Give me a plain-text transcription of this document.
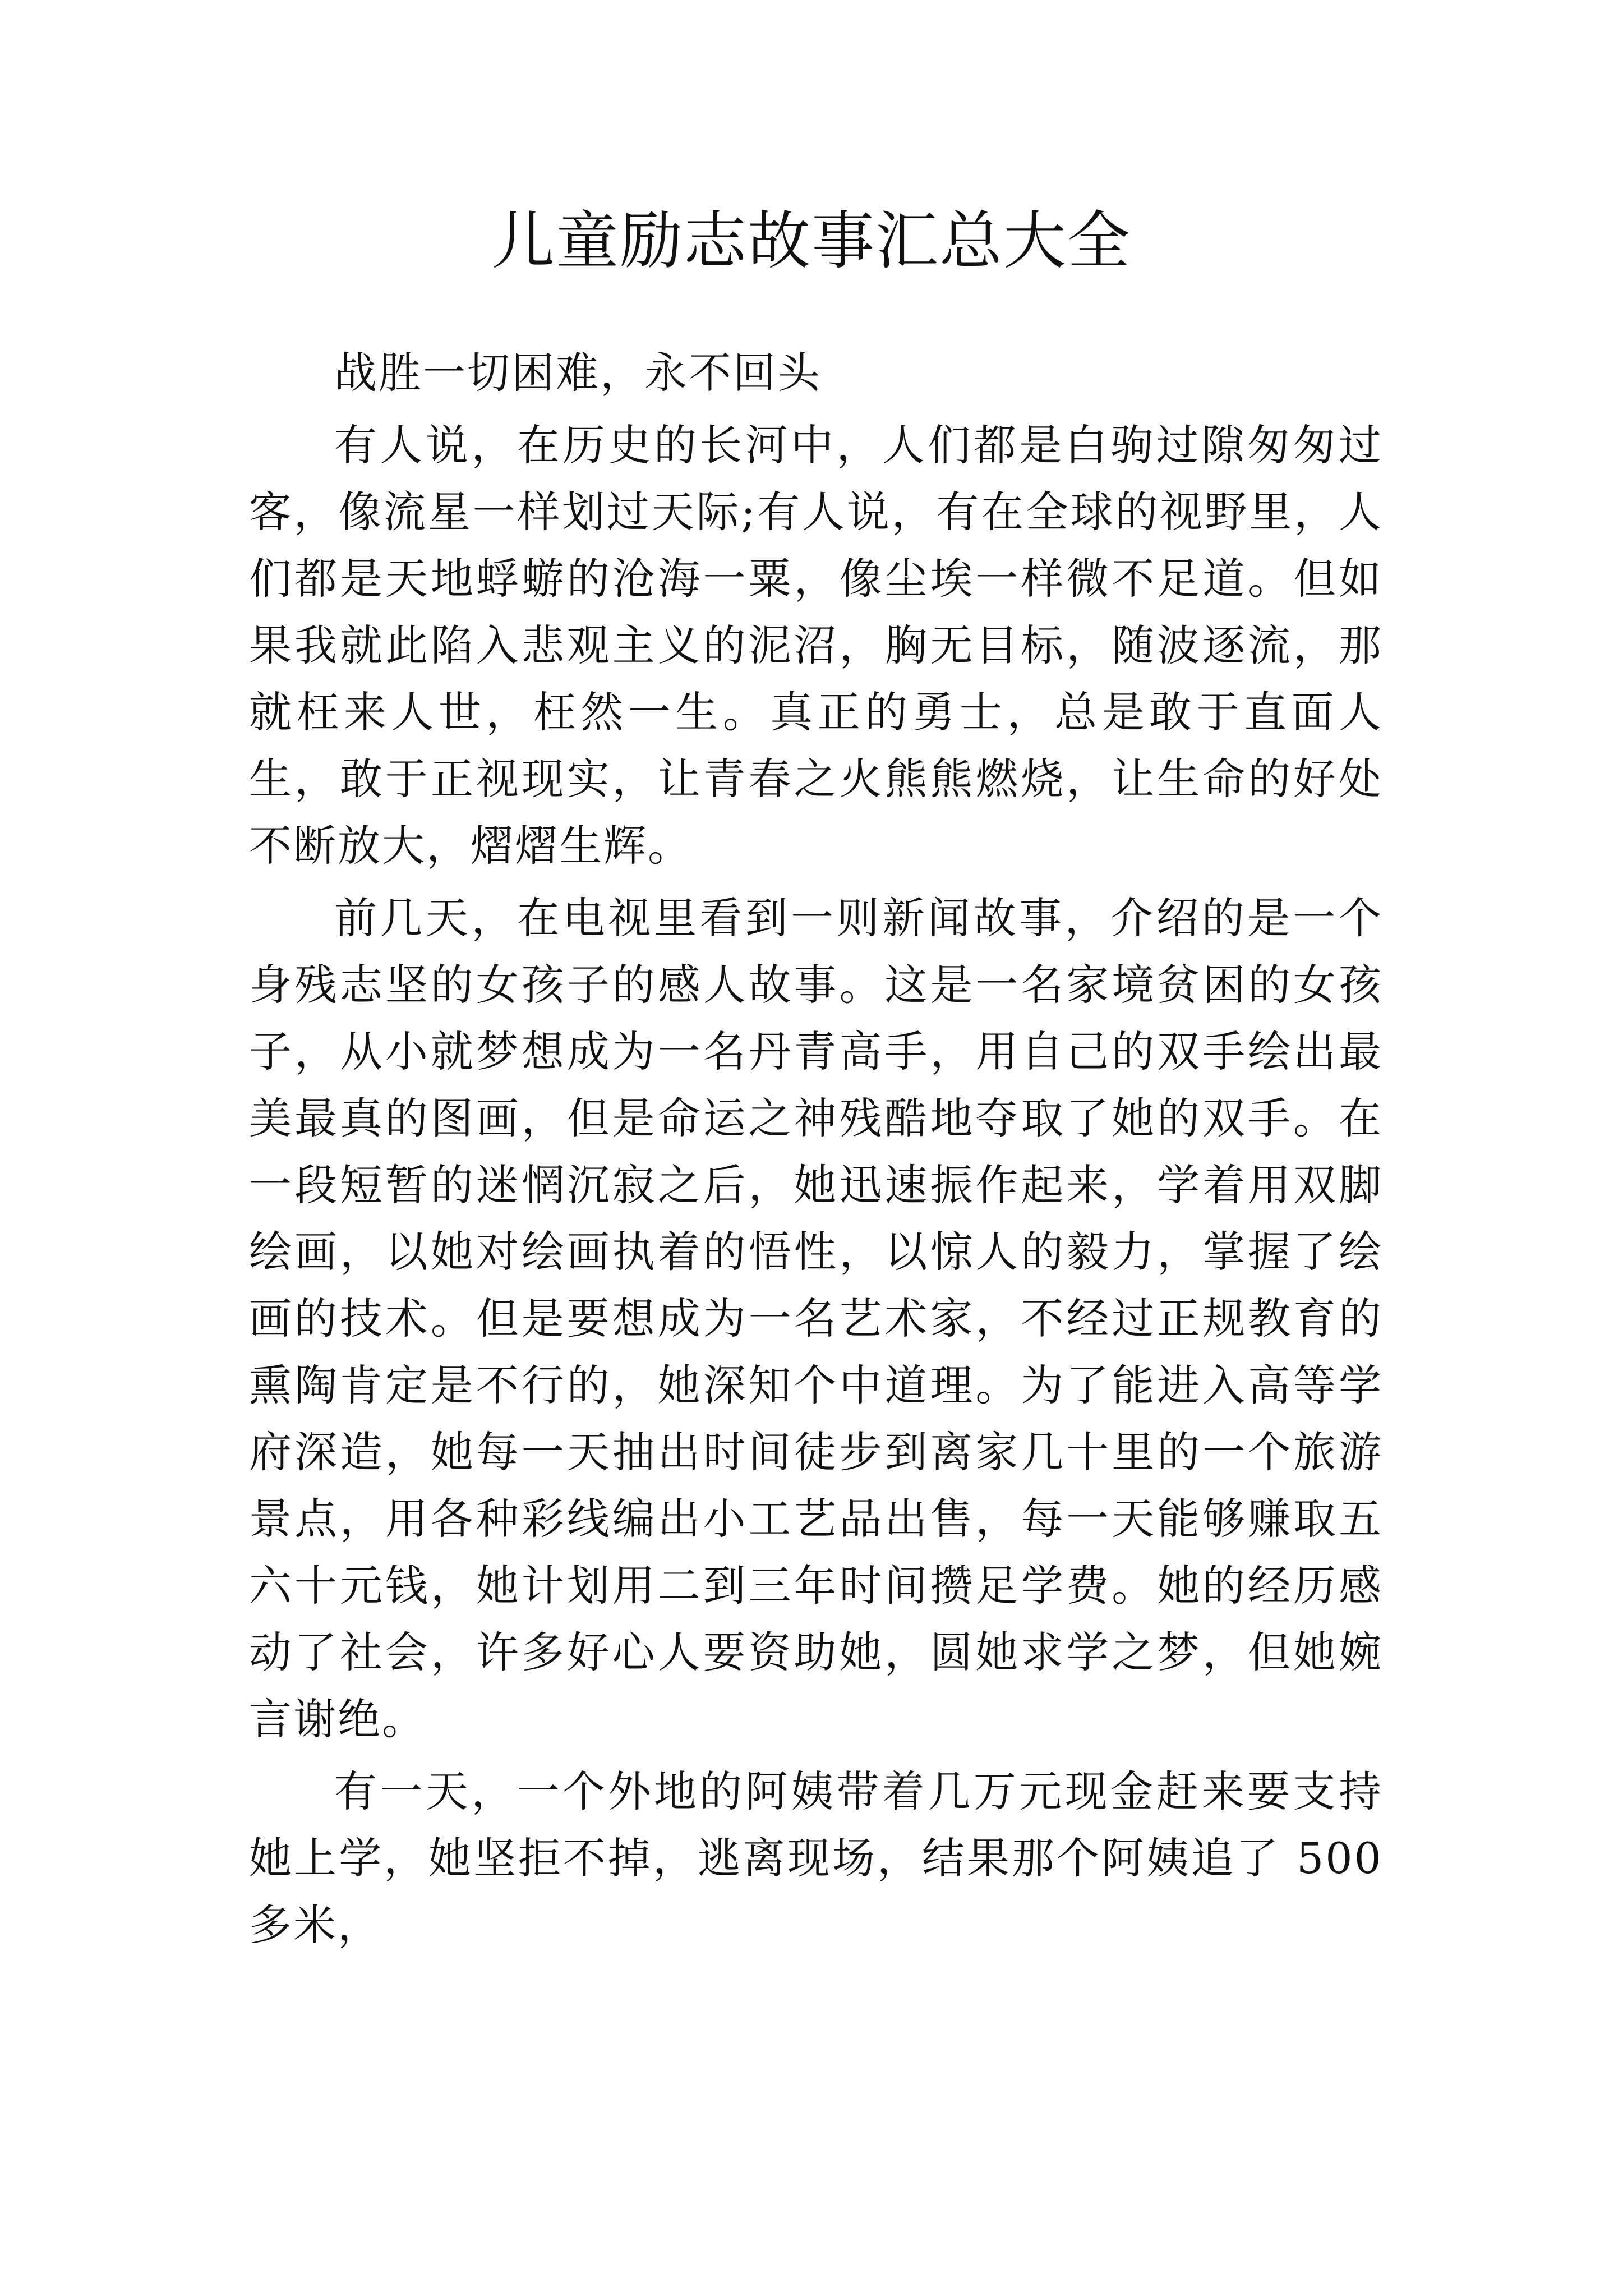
儿童励志故事汇总大全

战胜一切困难，永不回头

有人说，在历史的长河中，人们都是白驹过隙匆匆过客，像流星一样划过天际;有人说，有在全球的视野里，人们都是天地蜉蝣的沧海一粟，像尘埃一样微不足道。但如果我就此陷入悲观主义的泥沼，胸无目标，随波逐流，那就枉来人世，枉然一生。真正的勇士，总是敢于直面人生，敢于正视现实，让青春之火熊熊燃烧，让生命的好处不断放大，熠熠生辉。

前几天，在电视里看到一则新闻故事，介绍的是一个身残志坚的女孩子的感人故事。这是一名家境贫困的女孩子，从小就梦想成为一名丹青高手，用自己的双手绘出最美最真的图画，但是命运之神残酷地夺取了她的双手。在一段短暂的迷惘沉寂之后，她迅速振作起来，学着用双脚绘画，以她对绘画执着的悟性，以惊人的毅力，掌握了绘画的技术。但是要想成为一名艺术家，不经过正规教育的熏陶肯定是不行的，她深知个中道理。为了能进入高等学府深造，她每一天抽出时间徒步到离家几十里的一个旅游景点，用各种彩线编出小工艺品出售，每一天能够赚取五六十元钱，她计划用二到三年时间攒足学费。她的经历感动了社会，许多好心人要资助她，圆她求学之梦，但她婉言谢绝。

有一天，一个外地的阿姨带着几万元现金赶来要支持她上学，她坚拒不掉，逃离现场，结果那个阿姨追了 500 多米，
